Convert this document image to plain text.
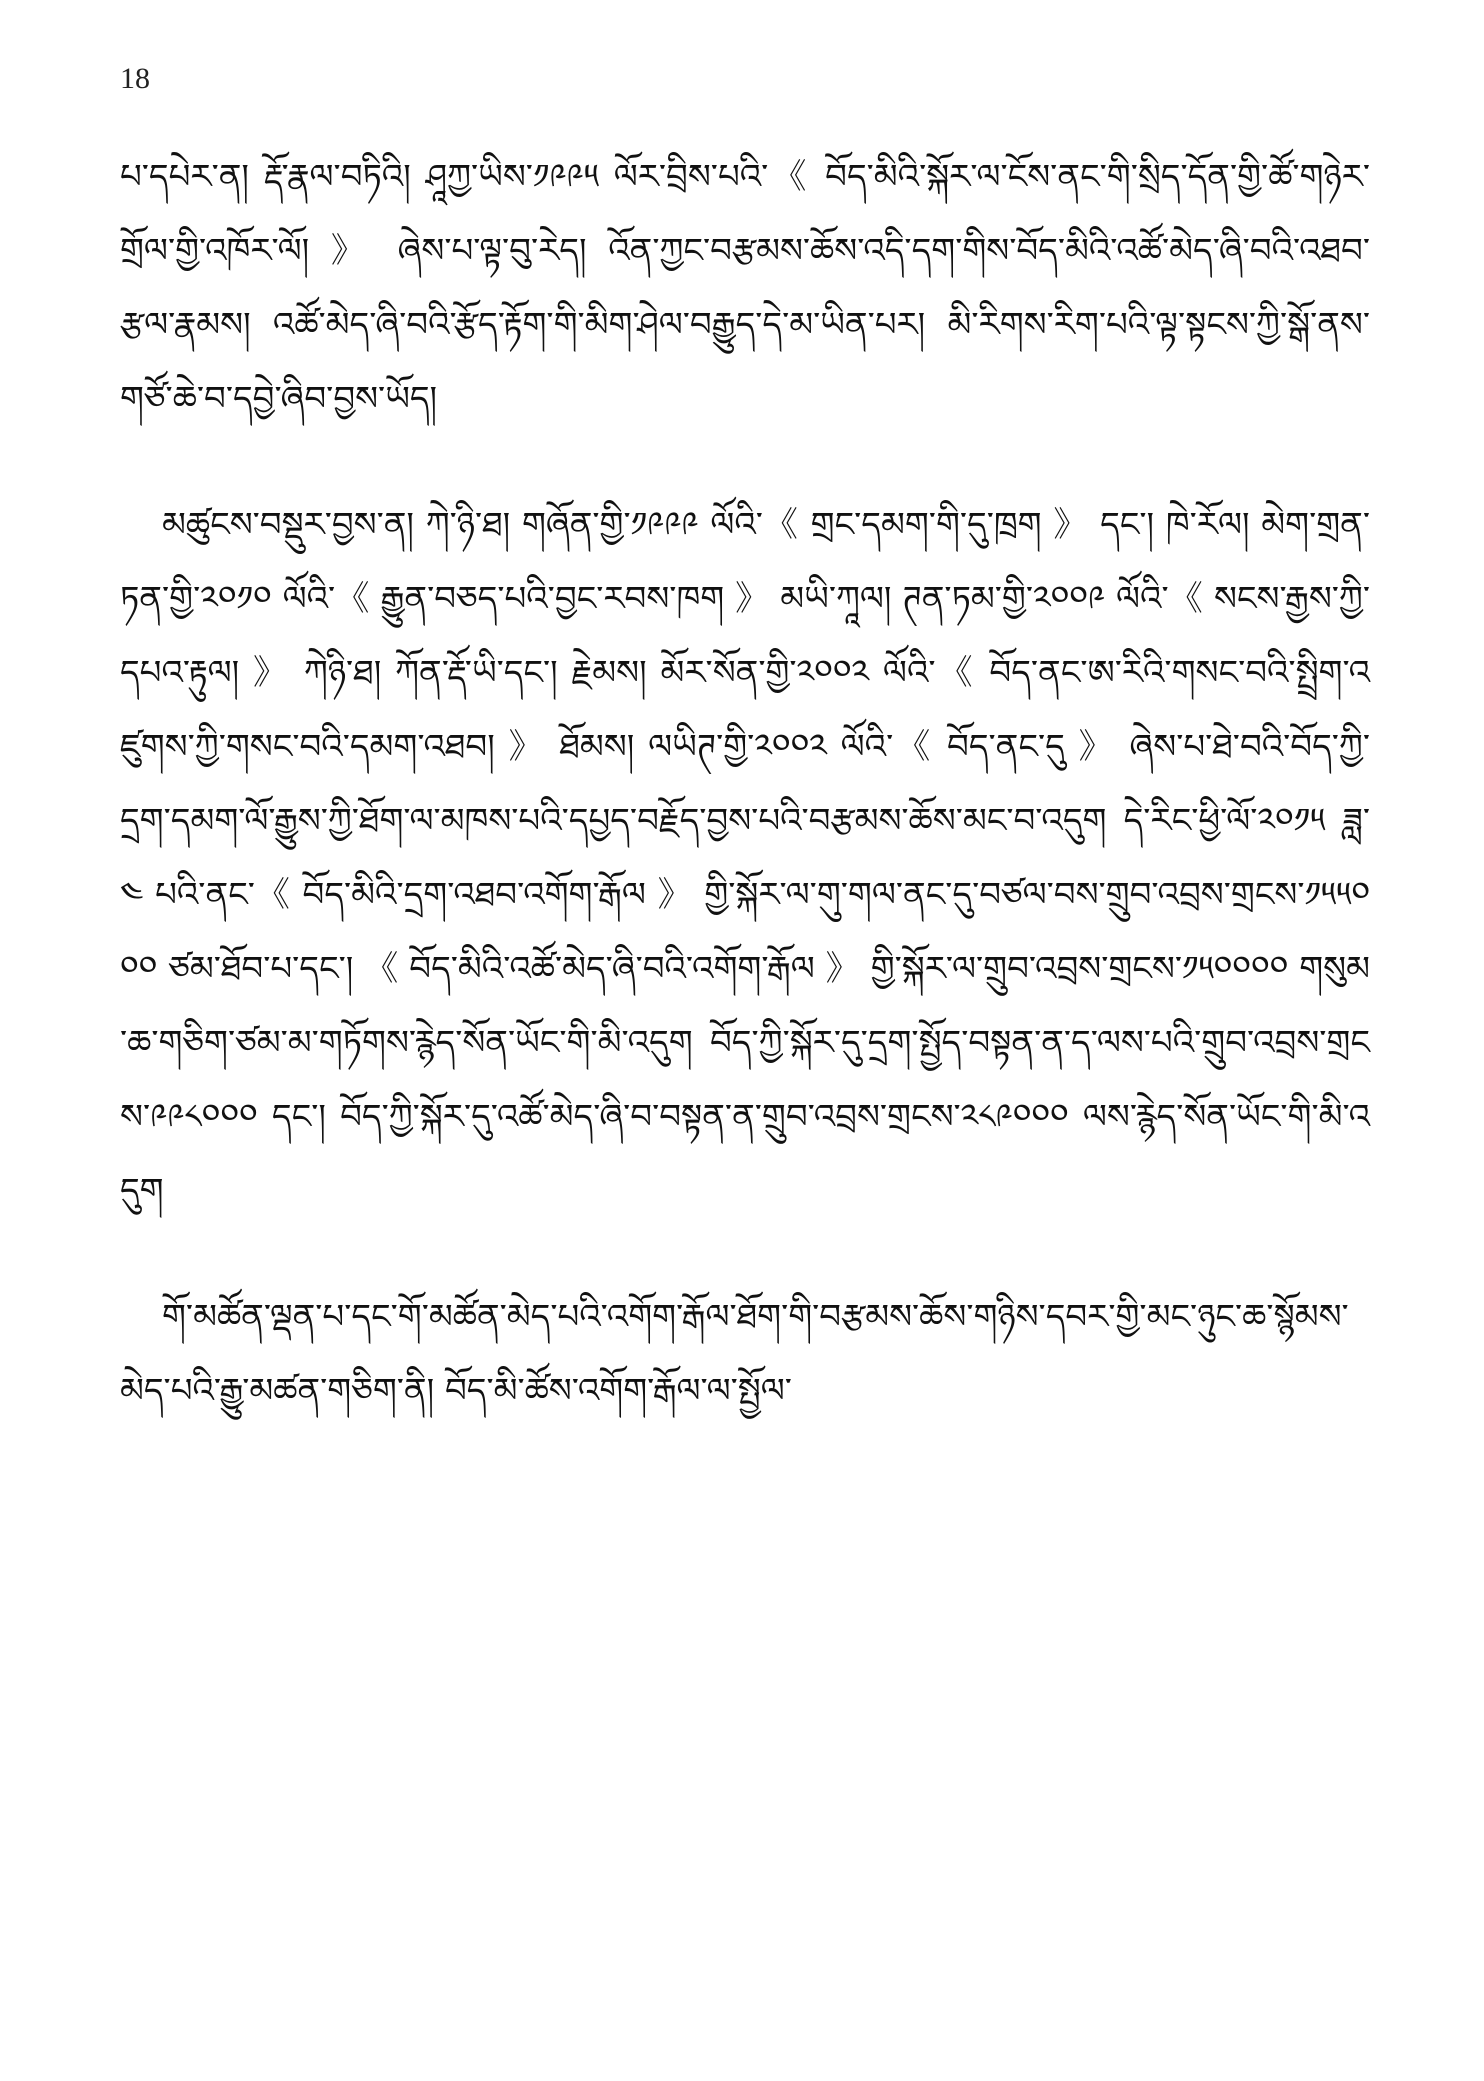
18

པ་དཔེར་ན། རྡོ་རྣལ་བཏིའི། ཤཱཀྱ་ཡིས་༡༩༩༥ ལོར་བྲིས་པའི་《 བོད་མིའི་སྐོར་ལ་ངོས་ནང་གི་སྲིད་དོན་གྱི་ཚོ་གཉེར་གྲོལ་གྱི་འཁོར་ལོ། 》 ཞེས་པ་ལྟ་བུ་རེད། འོན་ཀྱང་བརྩམས་ཆོས་འདི་དག་གིས་བོད་མིའི་འཚོ་མེད་ཞི་བའི་འཐབ་རྩལ་རྣམས། འཚོ་མེད་ཞི་བའི་རྩོད་རྟོག་གི་མིག་ཤེལ་བརྒྱུད་དེ་མ་ཡིན་པར། མི་རིགས་རིག་པའི་ལྟ་སྟངས་ཀྱི་སྒོ་ནས་གཙོ་ཆེ་བ་དབྱེ་ཞིབ་བྱས་ཡོད།

མཚུངས་བསྡུར་བྱས་ན། ཀེ་ཉི་ཐ། གཞོན་གྱི་༡༩༩༩ ལོའི་《 གྲང་དམག་གི་དུ་ཁྲག 》 དང་། ཁེ་རོལ། མེག་གྲན་ཏན་གྱི་༢༠༡༠ ལོའི་《 རྒྱུན་བཅད་པའི་བྱང་རབས་ཁག 》 མཡི་ཀཱལ། ཊན་ཏམ་གྱི་༢༠༠༩ ལོའི་《 སངས་རྒྱས་ཀྱི་དཔའ་རྟུལ། 》 ཀེཉི་ཐ། ཀོན་རྡོ་ཡི་དང་། རྗེམས། མོར་སོན་གྱི་༢༠༠༢ ལོའི་《 བོད་ནང་ཨ་རིའི་གསང་བའི་སྤྲིག་འཛུགས་ཀྱི་གསང་བའི་དམག་འཐབ། 》 ཐོམས། ལཡིཊ་གྱི་༢༠༠༢ ལོའི་《 བོད་ནང་དུ 》 ཞེས་པ་ཐེ་བའི་བོད་ཀྱི་དྲག་དམག་ལོ་རྒྱུས་ཀྱི་ཐོག་ལ་མཁས་པའི་དཔྱད་བརྗོད་བྱས་པའི་བརྩམས་ཆོས་མང་བ་འདུག དེ་རིང་ཕྱི་ལོ་༢༠༡༥ ཟླ་༤ པའི་ནང་《 བོད་མིའི་དྲག་འཐབ་འགོག་རྒོལ 》 གྱི་སྐོར་ལ་གུ་གལ་ནང་དུ་བཙལ་བས་གྲུབ་འབྲས་གྲངས་༡༥༥༠༠༠ ཙམ་ཐོབ་པ་དང་། 《 བོད་མིའི་འཚོ་མེད་ཞི་བའི་འགོག་རྒོལ 》 གྱི་སྐོར་ལ་གྲུབ་འབྲས་གྲངས་༡༥༠༠༠༠ གསུམ་ཆ་གཅིག་ཙམ་མ་གཏོགས་རྙེད་སོན་ཡོང་གི་མི་འདུག བོད་ཀྱི་སྐོར་དུ་དྲག་སྤྱོད་བསྟན་ན་ད་ལས་པའི་གྲུབ་འབྲས་གྲངས་༩༩༨༠༠༠ དང་། བོད་ཀྱི་སྐོར་དུ་འཚོ་མེད་ཞི་བ་བསྟན་ན་གྲུབ་འབྲས་གྲངས་༢༨༩༠༠༠ ལས་རྙེད་སོན་ཡོང་གི་མི་འདུག

གོ་མཚོན་ལྡན་པ་དང་གོ་མཚོན་མེད་པའི་འགོག་རྒོལ་ཐོག་གི་བརྩམས་ཆོས་གཉིས་དབར་གྱི་མང་ཉུང་ཆ་སྙོམས་མེད་པའི་རྒྱུ་མཚན་གཅིག་ནི། བོད་མི་ཚོས་འགོག་རྒོལ་ལ་སྤྱོལ་
